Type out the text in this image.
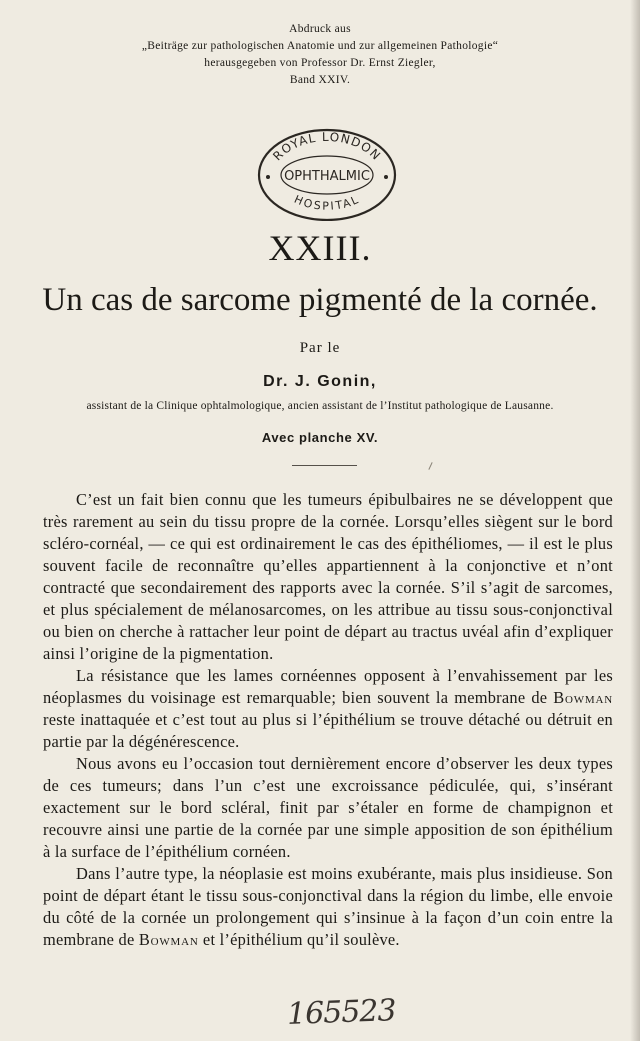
Abdruck aus
„Beiträge zur pathologischen Anatomie und zur allgemeinen Pathologie“
herausgegeben von Professor Dr. Ernst Ziegler,
Band XXIV.
ROYAL LONDON
OPHTHALMIC
HOSPITAL
XXIII.
Un cas de sarcome pigmenté de la cornée.
Par le
Dr. J. Gonin,
assistant de la Clinique ophtalmologique, ancien assistant de l’Institut pathologique de Lausanne.
Avec planche XV.

C’est un fait bien connu que les tumeurs épibulbaires ne se développent que très rarement au sein du tissu propre de la cornée. Lorsqu’elles siègent sur le bord scléro-cornéal, — ce qui est ordinairement le cas des épithéliomes, — il est le plus souvent facile de reconnaître qu’elles appartiennent à la conjonctive et n’ont contracté que secondairement des rapports avec la cornée. S’il s’agit de sarcomes, et plus spécialement de mélanosarcomes, on les attribue au tissu sous-conjonctival ou bien on cherche à rattacher leur point de départ au tractus uvéal afin d’expliquer ainsi l’origine de la pigmentation.

La résistance que les lames cornéennes opposent à l’envahissement par les néoplasmes du voisinage est remarquable; bien souvent la membrane de Bowman reste inattaquée et c’est tout au plus si l’épithélium se trouve détaché ou détruit en partie par la dégénérescence.

Nous avons eu l’occasion tout dernièrement encore d’observer les deux types de ces tumeurs; dans l’un c’est une excroissance pédiculée, qui, s’insérant exactement sur le bord scléral, finit par s’étaler en forme de champignon et recouvre ainsi une partie de la cornée par une simple apposition de son épithélium à la surface de l’épithélium cornéen.

Dans l’autre type, la néoplasie est moins exubérante, mais plus insidieuse. Son point de départ étant le tissu sous-conjonctival dans la région du limbe, elle envoie du côté de la cornée un prolongement qui s’insinue à la façon d’un coin entre la membrane de Bowman et l’épithélium qu’il soulève.

165523
